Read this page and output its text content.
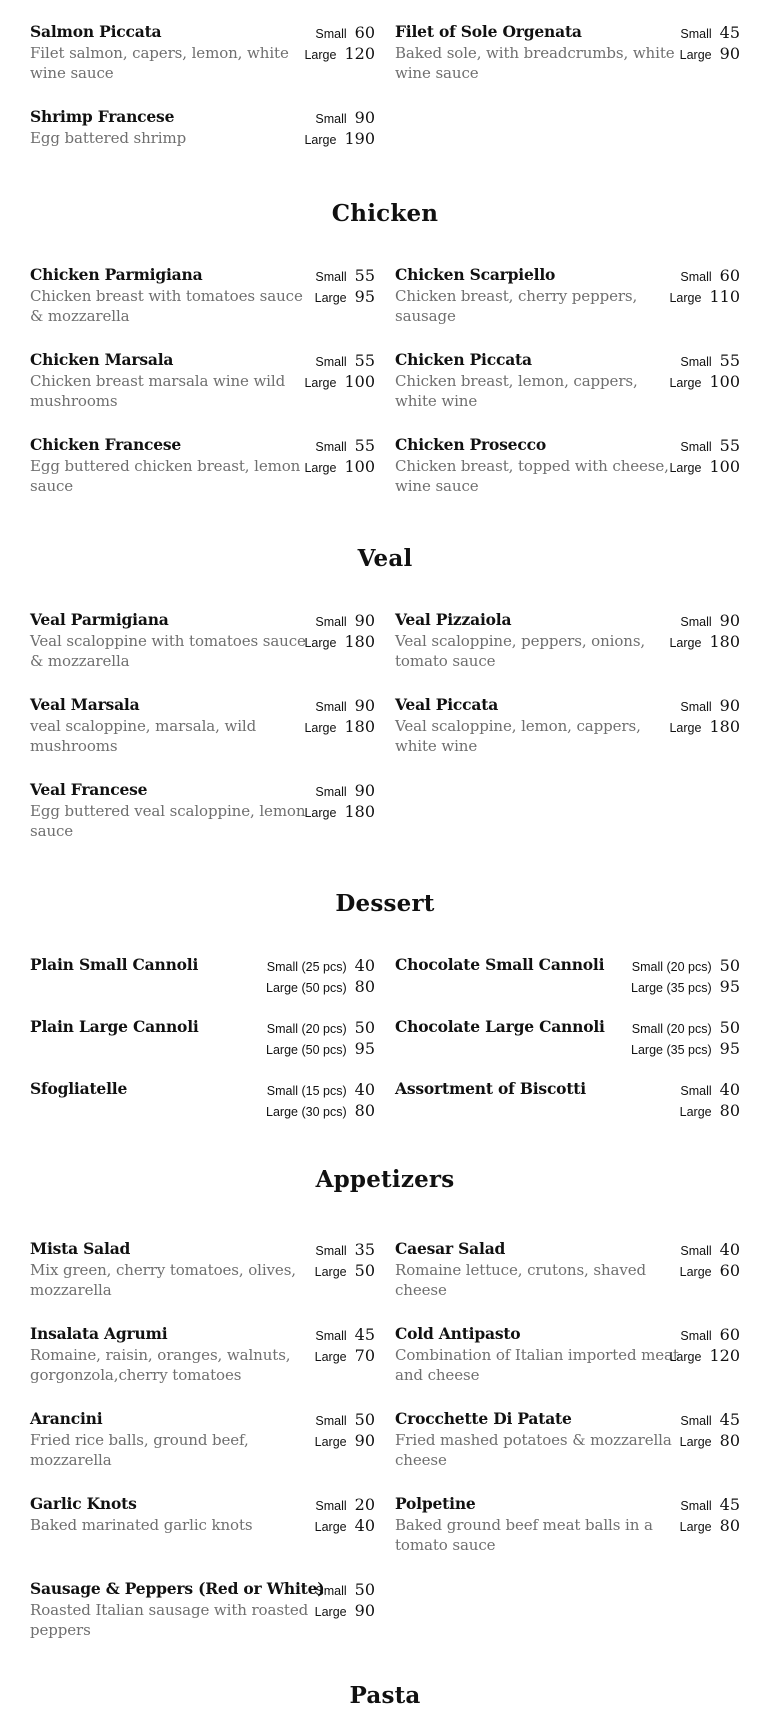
Salmon Piccata
Filet salmon, capers, lemon, white wine sauce
Small 60
Large 120
Filet of Sole Orgenata
Baked sole, with breadcrumbs, white wine sauce
Small 45
Large 90
Shrimp Francese
Egg battered shrimp
Small 90
Large 190
Chicken
Chicken Parmigiana
Chicken breast with tomatoes sauce & mozzarella
Small 55
Large 95
Chicken Scarpiello
Chicken breast, cherry peppers, sausage
Small 60
Large 110
Chicken Marsala
Chicken breast marsala wine wild mushrooms
Small 55
Large 100
Chicken Piccata
Chicken breast, lemon, cappers, white wine
Small 55
Large 100
Chicken Francese
Egg buttered chicken breast, lemon sauce
Small 55
Large 100
Chicken Prosecco
Chicken breast, topped with cheese, wine sauce
Small 55
Large 100
Veal
Veal Parmigiana
Veal scaloppine with tomatoes sauce & mozzarella
Small 90
Large 180
Veal Pizzaiola
Veal scaloppine, peppers, onions, tomato sauce
Small 90
Large 180
Veal Marsala
veal scaloppine, marsala, wild mushrooms
Small 90
Large 180
Veal Piccata
Veal scaloppine, lemon, cappers, white wine
Small 90
Large 180
Veal Francese
Egg buttered veal scaloppine, lemon sauce
Small 90
Large 180
Dessert
Plain Small Cannoli	Small (25 pcs) 40
Large (50 pcs) 80
Chocolate Small Cannoli	Small (20 pcs) 50
Large (35 pcs) 95
Plain Large Cannoli	Small (20 pcs) 50
Large (50 pcs) 95
Chocolate Large Cannoli	Small (20 pcs) 50
Large (35 pcs) 95
Sfogliatelle	Small (15 pcs) 40
Large (30 pcs) 80
Assortment of Biscotti	Small 40
Large 80
Appetizers
Mista Salad
Mix green, cherry tomatoes, olives, mozzarella
Small 35
Large 50
Caesar Salad
Romaine lettuce, crutons, shaved cheese
Small 40
Large 60
Insalata Agrumi
Romaine, raisin, oranges, walnuts, gorgonzola,cherry tomatoes
Small 45
Large 70
Cold Antipasto
Combination of Italian imported meat and cheese
Small 60
Large 120
Arancini
Fried rice balls, ground beef, mozzarella
Small 50
Large 90
Crocchette Di Patate
Fried mashed potatoes & mozzarella cheese
Small 45
Large 80
Garlic Knots
Baked marinated garlic knots
Small 20
Large 40
Polpetine
Baked ground beef meat balls in a tomato sauce
Small 45
Large 80
Sausage & Peppers (Red or White)
Roasted Italian sausage with roasted peppers
Small 50
Large 90
Pasta
